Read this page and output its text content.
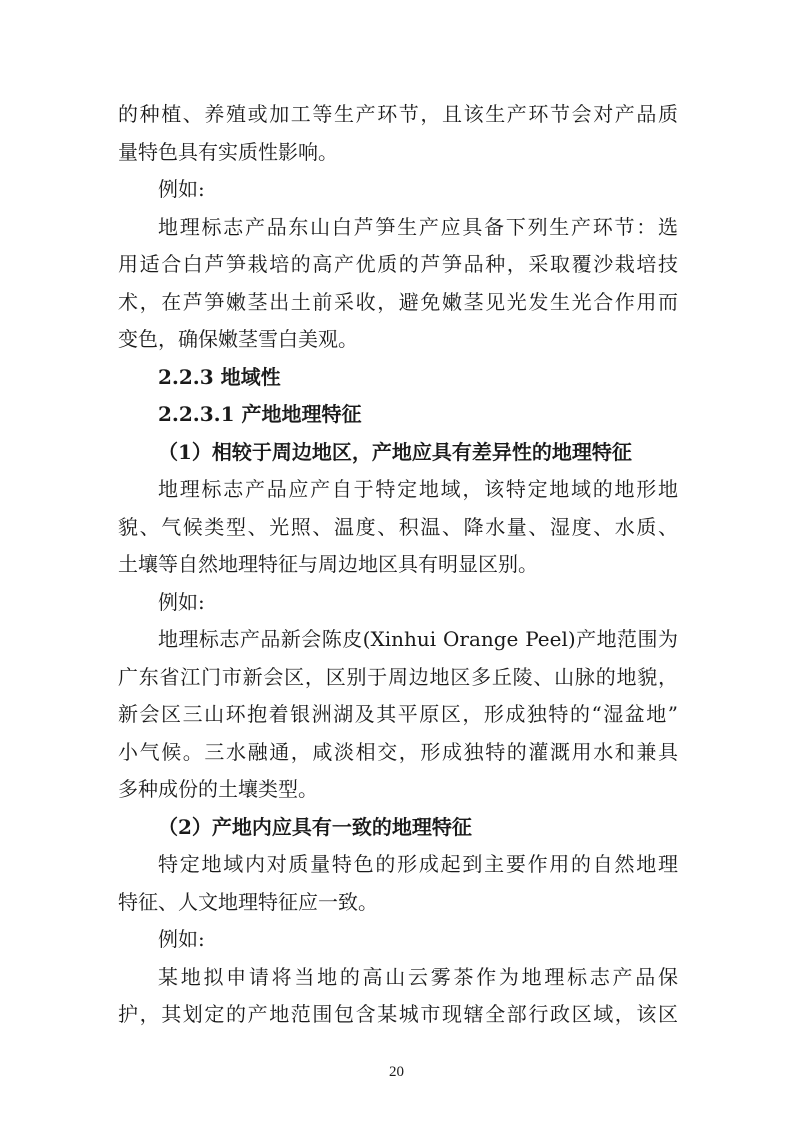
的种植、养殖或加工等生产环节，且该生产环节会对产品质
量特色具有实质性影响。
例如:
地理标志产品东山白芦笋生产应具备下列生产环节：选
用适合白芦笋栽培的高产优质的芦笋品种，采取覆沙栽培技
术，在芦笋嫩茎出土前采收，避免嫩茎见光发生光合作用而
变色，确保嫩茎雪白美观。
2.2.3 地域性
2.2.3.1 产地地理特征
（1）相较于周边地区，产地应具有差异性的地理特征
地理标志产品应产自于特定地域，该特定地域的地形地
貌、气候类型、光照、温度、积温、降水量、湿度、水质、
土壤等自然地理特征与周边地区具有明显区别。
例如:
地理标志产品新会陈皮(Xinhui Orange Peel)产地范围为
广东省江门市新会区，区别于周边地区多丘陵、山脉的地貌，
新会区三山环抱着银洲湖及其平原区，形成独特的“湿盆地”
小气候。三水融通，咸淡相交，形成独特的灌溉用水和兼具
多种成份的土壤类型。
（2）产地内应具有一致的地理特征
特定地域内对质量特色的形成起到主要作用的自然地理
特征、人文地理特征应一致。
例如:
某地拟申请将当地的高山云雾茶作为地理标志产品保
护，其划定的产地范围包含某城市现辖全部行政区域，该区
20
